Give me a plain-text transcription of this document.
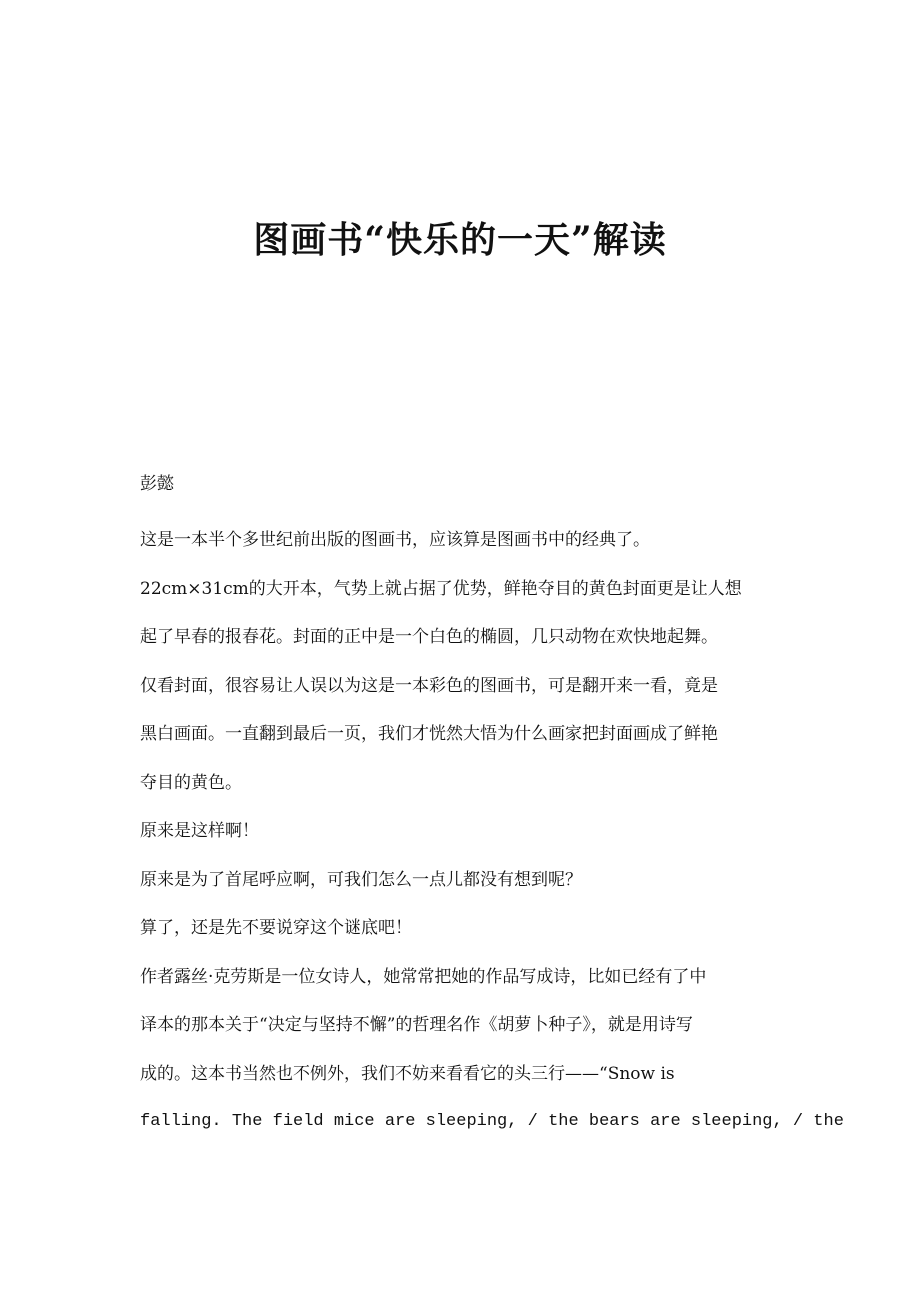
图画书“快乐的一天”解读
彭懿
这是一本半个多世纪前出版的图画书，应该算是图画书中的经典了。
22cm×31cm的大开本，气势上就占据了优势，鲜艳夺目的黄色封面更是让人想
起了早春的报春花。封面的正中是一个白色的椭圆，几只动物在欢快地起舞。
仅看封面，很容易让人误以为这是一本彩色的图画书，可是翻开来一看，竟是
黑白画面。一直翻到最后一页，我们才恍然大悟为什么画家把封面画成了鲜艳
夺目的黄色。
原来是这样啊！
原来是为了首尾呼应啊，可我们怎么一点儿都没有想到呢？
算了，还是先不要说穿这个谜底吧！
作者露丝·克劳斯是一位女诗人，她常常把她的作品写成诗，比如已经有了中
译本的那本关于“决定与坚持不懈”的哲理名作《胡萝卜种子》，就是用诗写
成的。这本书当然也不例外，我们不妨来看看它的头三行——“Snow is
falling. The field mice are sleeping, / the bears are sleeping, / the
